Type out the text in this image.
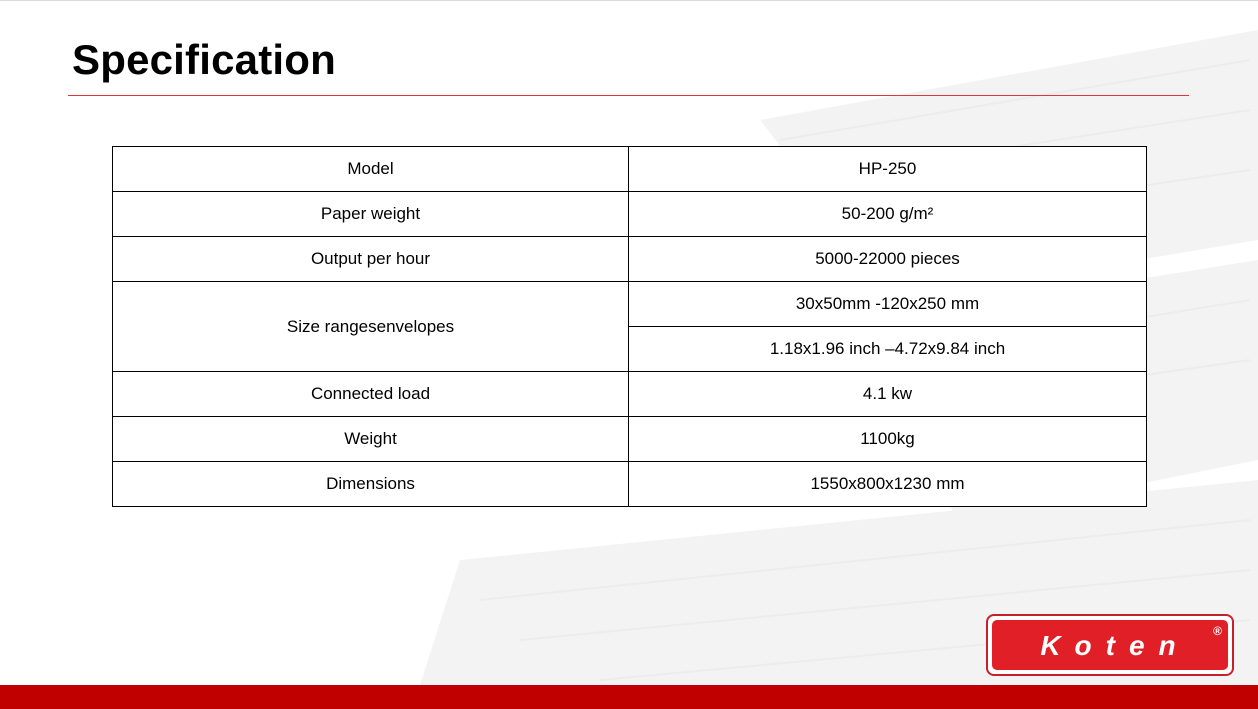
Specification
Model	HP-250
Paper weight	50-200 g/m²
Output per hour	5000-22000 pieces
Size rangesenvelopes	30x50mm -120x250 mm
	1.18x1.96 inch –4.72x9.84 inch
Connected load	4.1 kw
Weight	1100kg
Dimensions	1550x800x1230 mm
Koten	®
